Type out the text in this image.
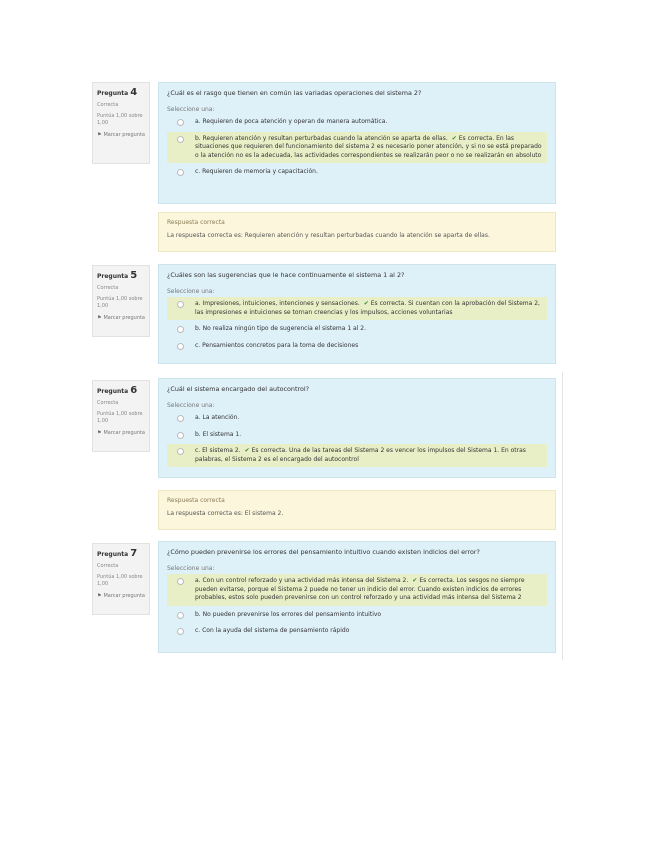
Pregunta 4
Correcta
Puntúa 1,00 sobre 1,00
⚑ Marcar pregunta
¿Cuál es el rasgo que tienen en común las variadas operaciones del sistema 2?
Seleccione una:
a. Requieren de poca atención y operan de manera automática.
b. Requieren atención y resultan perturbadas cuando la atención se aparta de ellas. ✔ Es correcta. En las situaciones que requieren del funcionamiento del sistema 2 es necesario poner atención, y si no se está preparado o la atención no es la adecuada, las actividades correspondientes se realizarán peor o no se realizarán en absoluto
c. Requieren de memoria y capacitación.
Respuesta correcta
La respuesta correcta es: Requieren atención y resultan perturbadas cuando la atención se aparta de ellas.
Pregunta 5
Correcta
Puntúa 1,00 sobre 1,00
⚑ Marcar pregunta
¿Cuáles son las sugerencias que le hace continuamente el sistema 1 al 2?
Seleccione una:
a. Impresiones, intuiciones, intenciones y sensaciones. ✔ Es correcta. Si cuentan con la aprobación del Sistema 2, las impresiones e intuiciones se tornan creencias y los impulsos, acciones voluntarias
b. No realiza ningún tipo de sugerencia el sistema 1 al 2.
c. Pensamientos concretos para la toma de decisiones
Pregunta 6
Correcta
Puntúa 1,00 sobre 1,00
⚑ Marcar pregunta
¿Cuál el sistema encargado del autocontrol?
Seleccione una:
a. La atención.
b. El sistema 1.
c. El sistema 2. ✔ Es correcta. Una de las tareas del Sistema 2 es vencer los impulsos del Sistema 1. En otras palabras, el Sistema 2 es el encargado del autocontrol
Respuesta correcta
La respuesta correcta es: El sistema 2.
Pregunta 7
Correcta
Puntúa 1,00 sobre 1,00
⚑ Marcar pregunta
¿Cómo pueden prevenirse los errores del pensamiento intuitivo cuando existen indicios del error?
Seleccione una:
a. Con un control reforzado y una actividad más intensa del Sistema 2. ✔ Es correcta. Los sesgos no siempre pueden evitarse, porque el Sistema 2 puede no tener un indicio del error. Cuando existen indicios de errores probables, estos solo pueden prevenirse con un control reforzado y una actividad más intensa del Sistema 2
b. No pueden prevenirse los errores del pensamiento intuitivo
c. Con la ayuda del sistema de pensamiento rápido
